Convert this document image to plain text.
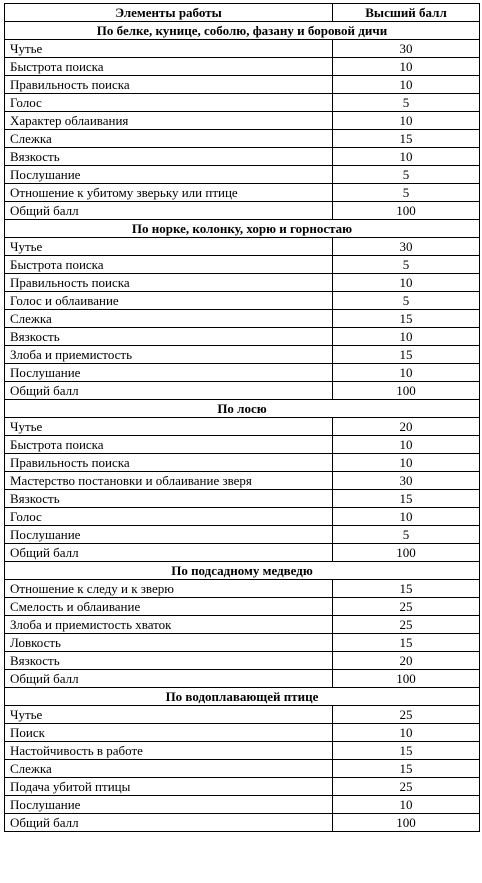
Элементы работы	Высший балл
По белке, кунице, соболю, фазану и боровой дичи	
Чутье	30
Быстрота поиска	10
Правильность поиска	10
Голос	5
Характер облаивания	10
Слежка	15
Вязкость	10
Послушание	5
Отношение к убитому зверьку или птице	5
Общий балл	100
По норке, колонку, хорю и горностаю	
Чутье	30
Быстрота поиска	5
Правильность поиска	10
Голос и облаивание	5
Слежка	15
Вязкость	10
Злоба и приемистость	15
Послушание	10
Общий балл	100
По лосю	
Чутье	20
Быстрота поиска	10
Правильность поиска	10
Мастерство постановки и облаивание зверя	30
Вязкость	15
Голос	10
Послушание	5
Общий балл	100
По подсадному медведю	
Отношение к следу и к зверю	15
Смелость и облаивание	25
Злоба и приемистость хваток	25
Ловкость	15
Вязкость	20
Общий балл	100
По водоплавающей птице	
Чутье	25
Поиск	10
Настойчивость в работе	15
Слежка	15
Подача убитой птицы	25
Послушание	10
Общий балл	100
